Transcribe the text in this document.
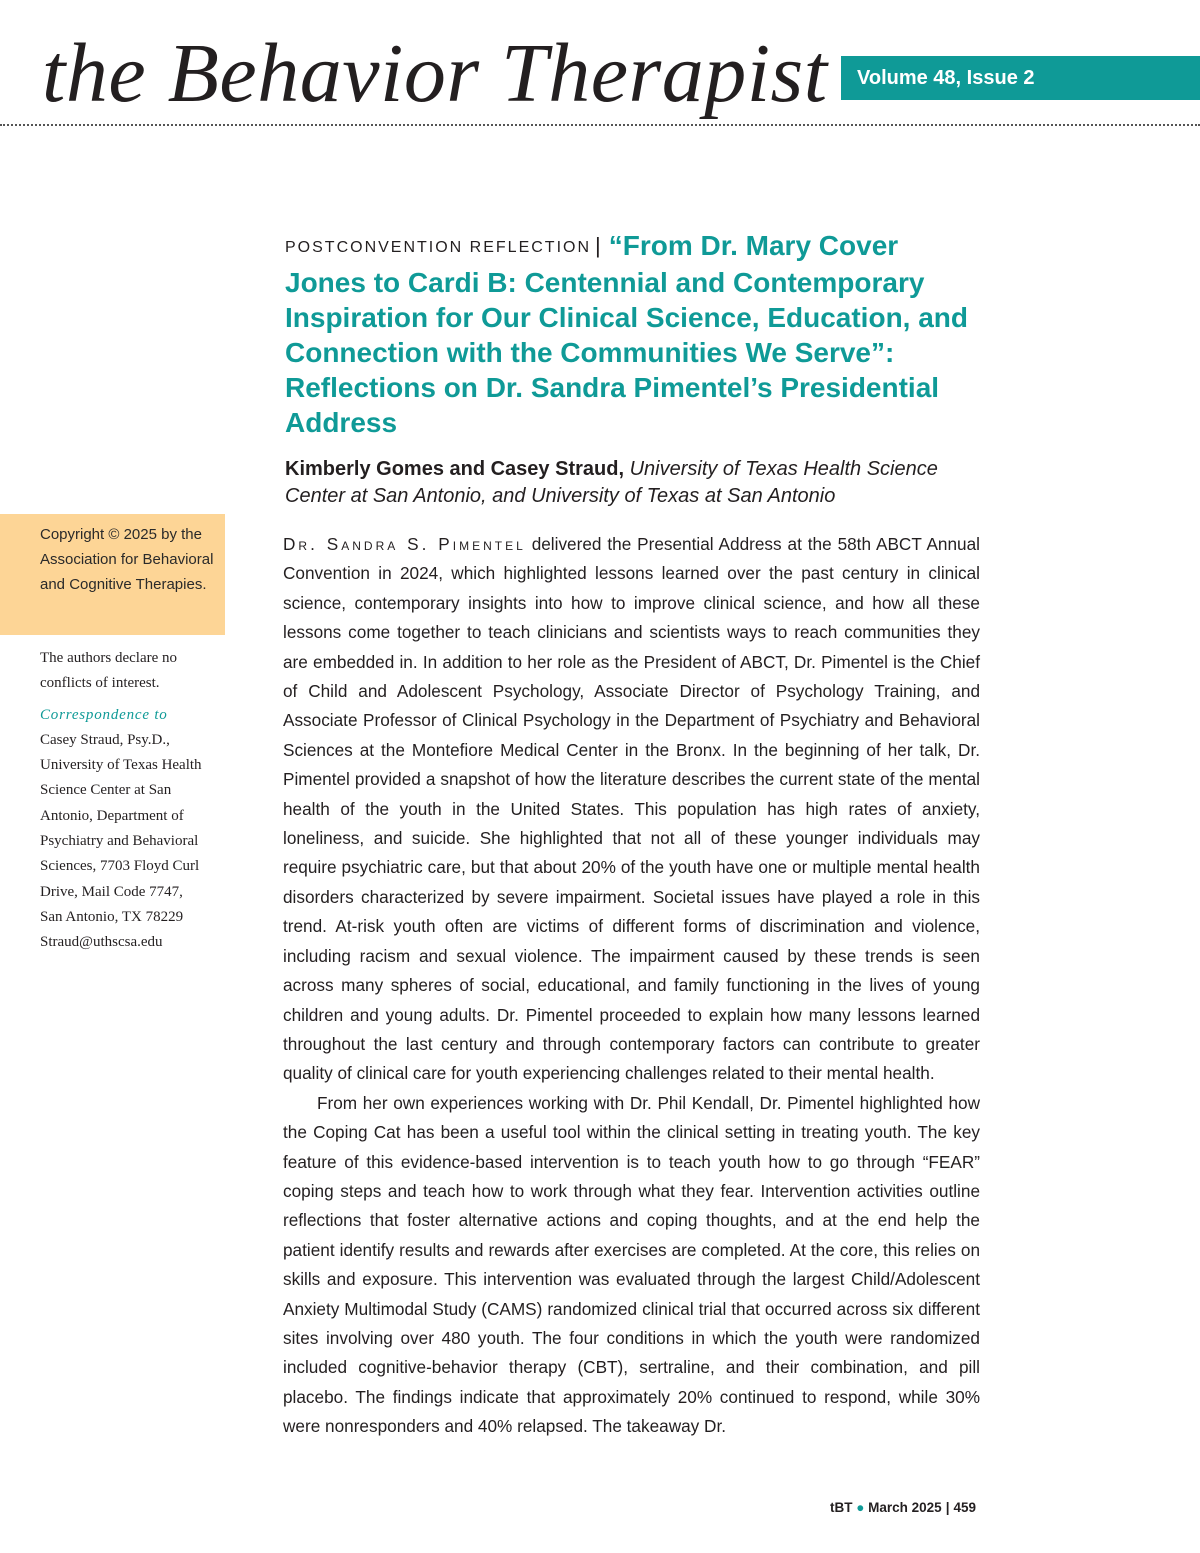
the Behavior Therapist	Volume 48, Issue 2
POSTCONVENTION REFLECTION | “From Dr. Mary Cover Jones to Cardi B: Centennial and Contemporary Inspiration for Our Clinical Science, Education, and Connection with the Communities We Serve”: Reflections on Dr. Sandra Pimentel’s Presidential Address
Kimberly Gomes and Casey Straud, University of Texas Health Science Center at San Antonio, and University of Texas at San Antonio
Copyright © 2025 by the Association for Behavioral and Cognitive Therapies.

The authors declare no conflicts of interest.

Correspondence to

Casey Straud, Psy.D.,

University of Texas Health Science Center at San Antonio, Department of Psychiatry and Behavioral Sciences, 7703 Floyd Curl Drive, Mail Code 7747,

San Antonio, TX 78229

Straud@uthscsa.edu

Dr. Sandra S. Pimentel delivered the Presential Address at the 58th ABCT Annual Convention in 2024, which highlighted lessons learned over the past century in clinical science, contemporary insights into how to improve clinical science, and how all these lessons come together to teach clinicians and scientists ways to reach communities they are embedded in. In addition to her role as the President of ABCT, Dr. Pimentel is the Chief of Child and Adolescent Psychology, Associate Director of Psychology Training, and Associate Professor of Clinical Psychology in the Department of Psychiatry and Behavioral Sciences at the Montefiore Medical Center in the Bronx. In the beginning of her talk, Dr. Pimentel provided a snapshot of how the literature describes the current state of the mental health of the youth in the United States. This population has high rates of anxiety, loneliness, and suicide. She highlighted that not all of these younger individuals may require psychiatric care, but that about 20% of the youth have one or multiple mental health disorders characterized by severe impairment. Societal issues have played a role in this trend. At-risk youth often are victims of different forms of discrimination and violence, including racism and sexual violence. The impairment caused by these trends is seen across many spheres of social, educational, and family functioning in the lives of young children and young adults. Dr. Pimentel proceeded to explain how many lessons learned throughout the last century and through contemporary factors can contribute to greater quality of clinical care for youth experiencing challenges related to their mental health.

From her own experiences working with Dr. Phil Kendall, Dr. Pimentel highlighted how the Coping Cat has been a useful tool within the clinical setting in treating youth. The key feature of this evidence-based intervention is to teach youth how to go through “FEAR” coping steps and teach how to work through what they fear. Intervention activities outline reflections that foster alternative actions and coping thoughts, and at the end help the patient identify results and rewards after exercises are completed. At the core, this relies on skills and exposure. This intervention was evaluated through the largest Child/Adolescent Anxiety Multimodal Study (CAMS) randomized clinical trial that occurred across six different sites involving over 480 youth. The four conditions in which the youth were randomized included cognitive-behavior therapy (CBT), sertraline, and their combination, and pill placebo. The findings indicate that approximately 20% continued to respond, while 30% were nonresponders and 40% relapsed. The takeaway Dr.

tBT ● March 2025 | 459
